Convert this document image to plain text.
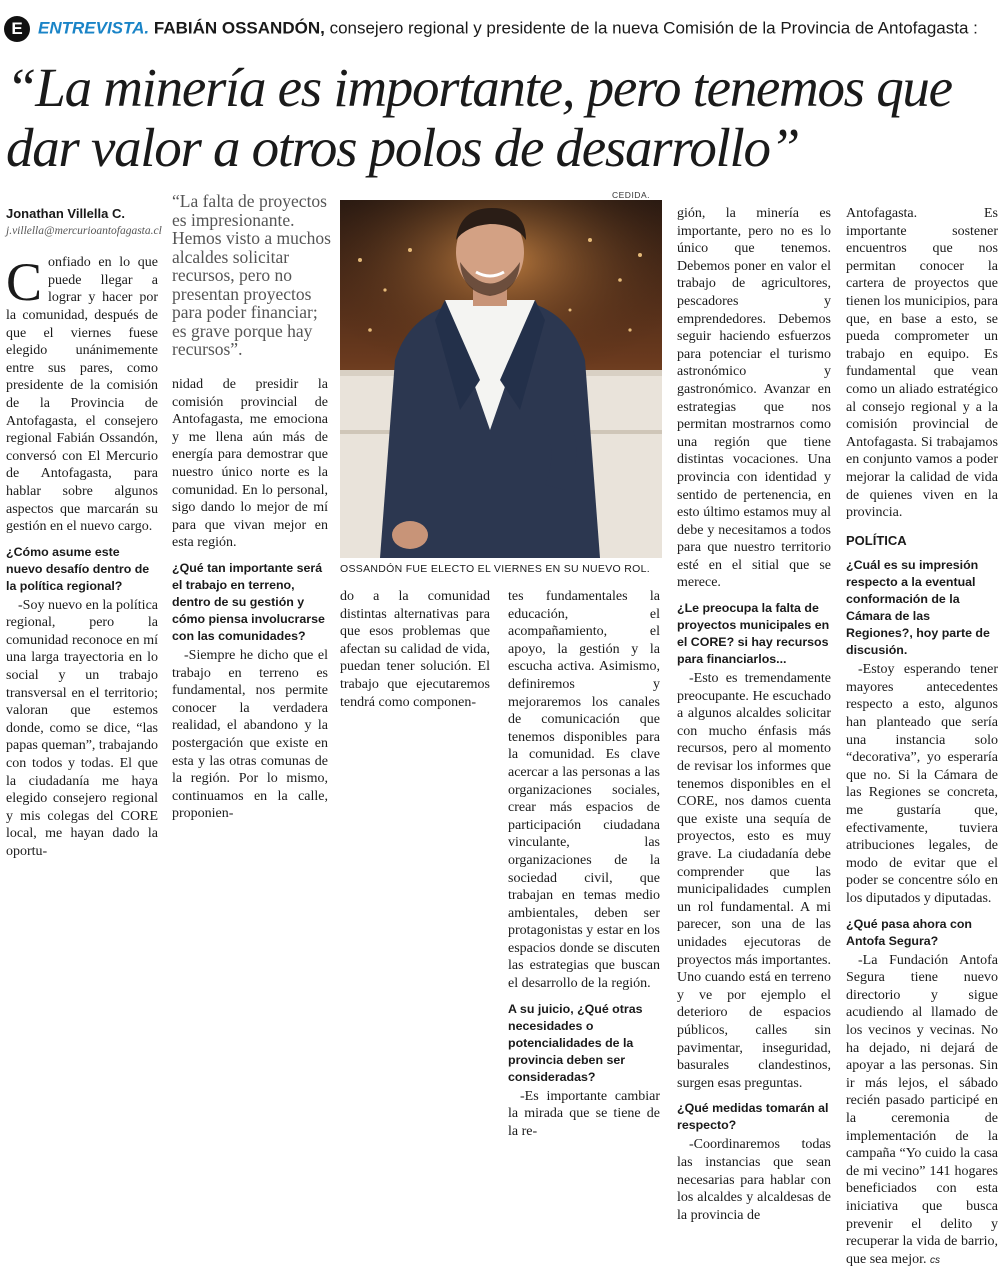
E ENTREVISTA. FABIÁN OSSANDÓN, consejero regional y presidente de la nueva Comisión de la Provincia de Antofagasta :
“La minería es importante, pero tenemos que dar valor a otros polos de desarrollo”
Jonathan Villella C.
j.villella@mercurioantofagasta.cl

Confiado en lo que puede llegar a lograr y hacer por la comunidad, después de que el viernes fuese elegido unánimemente entre sus pares, como presidente de la comisión de la Provincia de Antofagasta, el consejero regional Fabián Ossandón, conversó con El Mercurio de Antofagasta, para hablar sobre algunos aspectos que marcarán su gestión en el nuevo cargo.

¿Cómo asume este nuevo desafío dentro de la política regional?

-Soy nuevo en la política regional, pero la comunidad reconoce en mí una larga trayectoria en lo social y un trabajo transversal en el territorio; valoran que estemos donde, como se dice, “las papas queman”, trabajando con todos y todas. El que la ciudadanía me haya elegido consejero regional y mis colegas del CORE local, me hayan dado la oportu-

“La falta de proyectos es impresionante. Hemos visto a muchos alcaldes solicitar recursos, pero no presentan proyectos para poder financiar; es grave porque hay recursos”.

nidad de presidir la comisión provincial de Antofagasta, me emociona y me llena aún más de energía para demostrar que nuestro único norte es la comunidad. En lo personal, sigo dando lo mejor de mí para que vivan mejor en esta región.

¿Qué tan importante será el trabajo en terreno, dentro de su gestión y cómo piensa involucrarse con las comunidades?

-Siempre he dicho que el trabajo en terreno es fundamental, nos permite conocer la verdadera realidad, el abandono y la postergación que existe en esta y las otras comunas de la región. Por lo mismo, continuamos en la calle, proponien-

CEDIDA.
OSSANDÓN FUE ELECTO EL VIERNES EN SU NUEVO ROL.

do a la comunidad distintas alternativas para que esos problemas que afectan su calidad de vida, puedan tener solución. El trabajo que ejecutaremos tendrá como componen-

tes fundamentales la educación, el acompañamiento, el apoyo, la gestión y la escucha activa. Asimismo, definiremos y mejoraremos los canales de comunicación que tenemos disponibles para la comunidad. Es clave acercar a las personas a las organizaciones sociales, crear más espacios de participación ciudadana vinculante, las organizaciones de la sociedad civil, que trabajan en temas medio ambientales, deben ser protagonistas y estar en los espacios donde se discuten las estrategias que buscan el desarrollo de la región.

A su juicio, ¿Qué otras necesidades o potencialidades de la provincia deben ser consideradas?

-Es importante cambiar la mirada que se tiene de la re-

gión, la minería es importante, pero no es lo único que tenemos. Debemos poner en valor el trabajo de agricultores, pescadores y emprendedores. Debemos seguir haciendo esfuerzos para potenciar el turismo astronómico y gastronómico. Avanzar en estrategias que nos permitan mostrarnos como una región que tiene distintas vocaciones. Una provincia con identidad y sentido de pertenencia, en esto último estamos muy al debe y necesitamos a todos para que nuestro territorio esté en el sitial que se merece.

¿Le preocupa la falta de proyectos municipales en el CORE? si hay recursos para financiarlos...

-Esto es tremendamente preocupante. He escuchado a algunos alcaldes solicitar con mucho énfasis más recursos, pero al momento de revisar los informes que tenemos disponibles en el CORE, nos damos cuenta que existe una sequía de proyectos, esto es muy grave. La ciudadanía debe comprender que las municipalidades cumplen un rol fundamental. A mi parecer, son una de las unidades ejecutoras de proyectos más importantes. Uno cuando está en terreno y ve por ejemplo el deterioro de espacios públicos, calles sin pavimentar, inseguridad, basurales clandestinos, surgen esas preguntas.

¿Qué medidas tomarán al respecto?

-Coordinaremos todas las instancias que sean necesarias para hablar con los alcaldes y alcaldesas de la provincia de

Antofagasta. Es importante sostener encuentros que nos permitan conocer la cartera de proyectos que tienen los municipios, para que, en base a esto, se pueda comprometer un trabajo en equipo. Es fundamental que vean como un aliado estratégico al consejo regional y a la comisión provincial de Antofagasta. Si trabajamos en conjunto vamos a poder mejorar la calidad de vida de quienes viven en la provincia.

POLÍTICA
¿Cuál es su impresión respecto a la eventual conformación de la Cámara de las Regiones?, hoy parte de discusión.

-Estoy esperando tener mayores antecedentes respecto a esto, algunos han planteado que sería una instancia solo “decorativa”, yo esperaría que no. Si la Cámara de las Regiones se concreta, me gustaría que, efectivamente, tuviera atribuciones legales, de modo de evitar que el poder se concentre sólo en los diputados y diputadas.

¿Qué pasa ahora con Antofa Segura?

-La Fundación Antofa Segura tiene nuevo directorio y sigue acudiendo al llamado de los vecinos y vecinas. No ha dejado, ni dejará de apoyar a las personas. Sin ir más lejos, el sábado recién pasado participé en la ceremonia de implementación de la campaña “Yo cuido la casa de mi vecino” 141 hogares beneficiados con esta iniciativa que busca prevenir el delito y recuperar la vida de barrio, que sea mejor. cs
